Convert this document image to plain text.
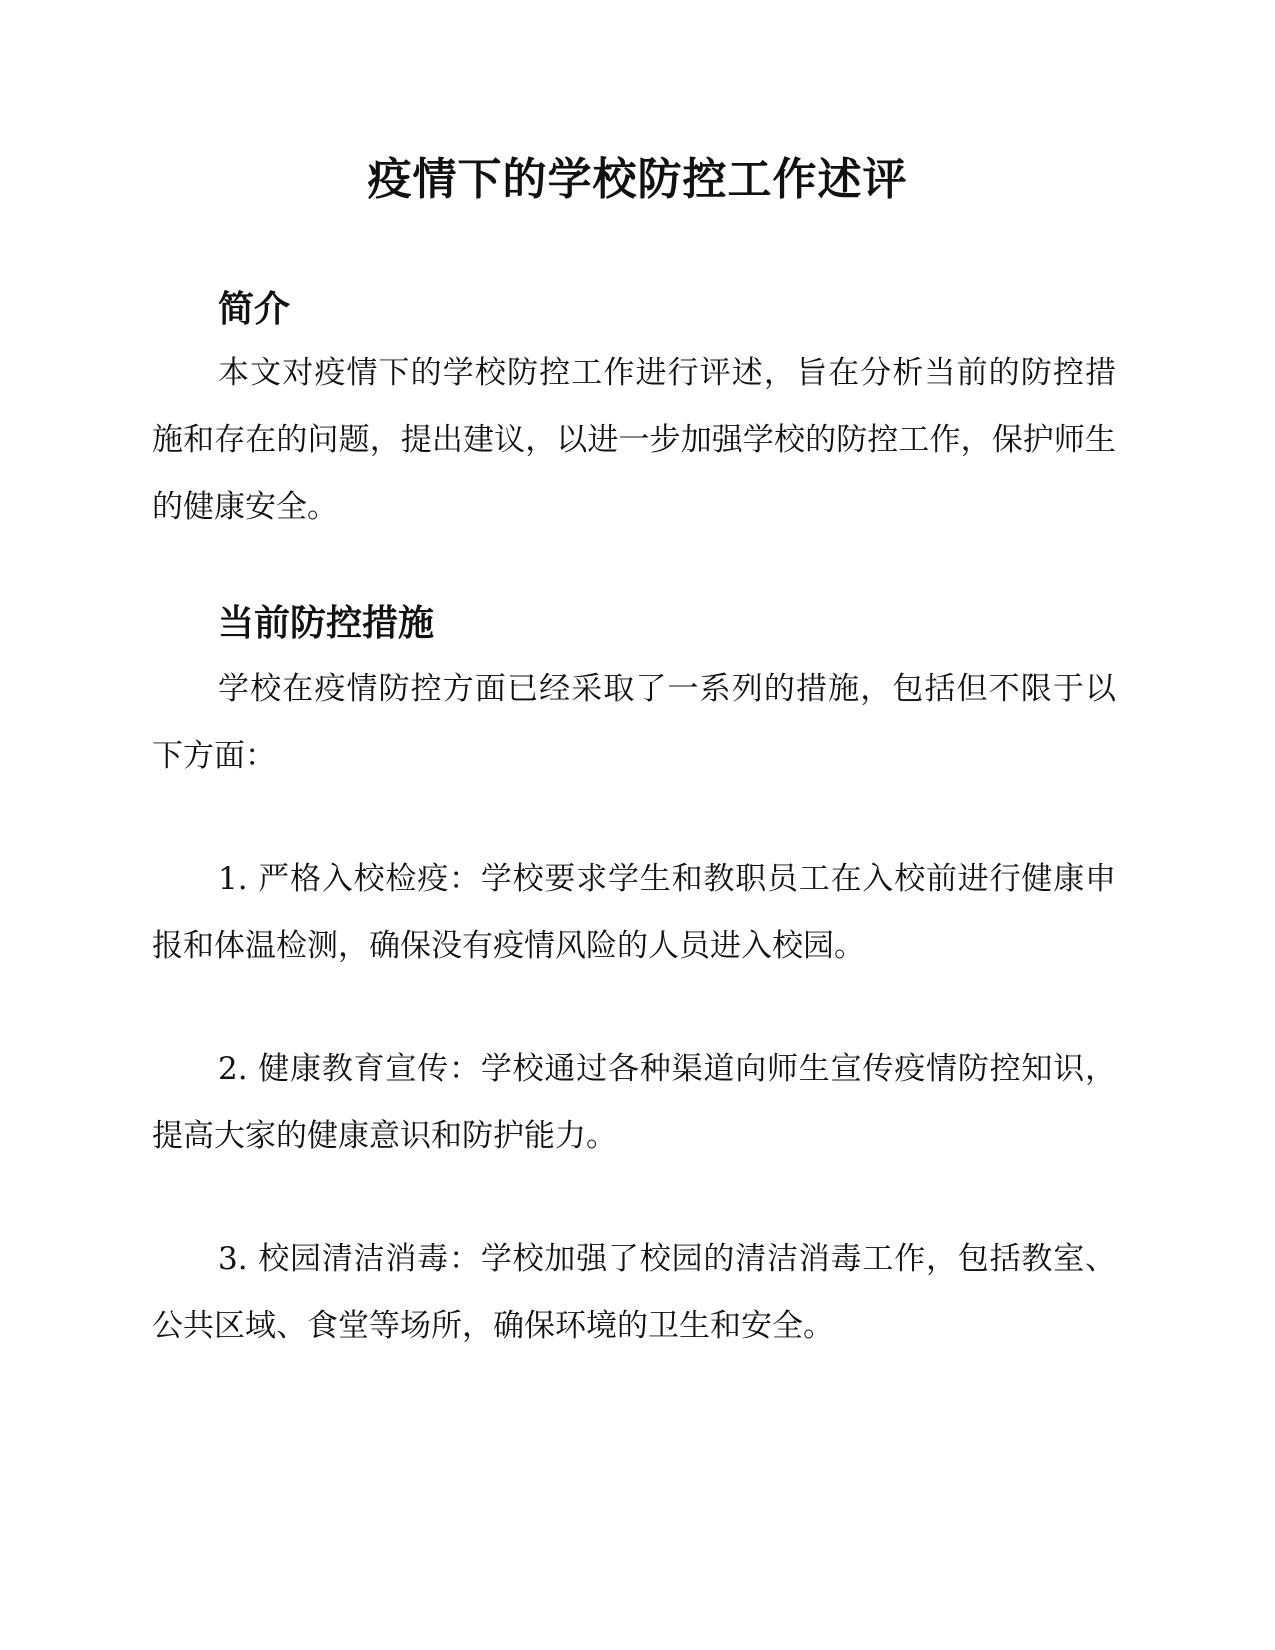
疫情下的学校防控工作述评
简介

本文对疫情下的学校防控工作进行评述，旨在分析当前的防控措施和存在的问题，提出建议，以进一步加强学校的防控工作，保护师生的健康安全。

当前防控措施

学校在疫情防控方面已经采取了一系列的措施，包括但不限于以下方面：

1. 严格入校检疫：学校要求学生和教职员工在入校前进行健康申报和体温检测，确保没有疫情风险的人员进入校园。

2. 健康教育宣传：学校通过各种渠道向师生宣传疫情防控知识，提高大家的健康意识和防护能力。

3. 校园清洁消毒：学校加强了校园的清洁消毒工作，包括教室、公共区域、食堂等场所，确保环境的卫生和安全。
